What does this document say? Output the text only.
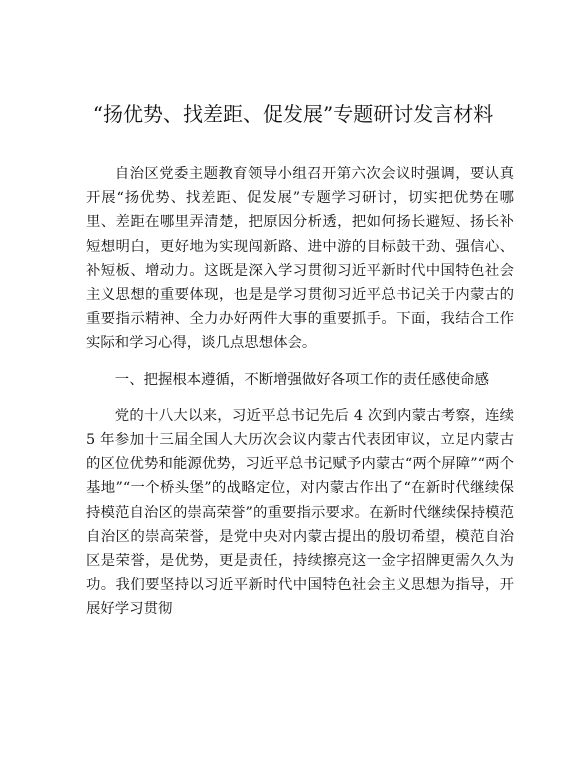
“扬优势、找差距、促发展”专题研讨发言材料

自治区党委主题教育领导小组召开第六次会议时强调，要认真开展“扬优势、找差距、促发展”专题学习研讨，切实把优势在哪里、差距在哪里弄清楚，把原因分析透，把如何扬长避短、扬长补短想明白，更好地为实现闯新路、进中游的目标鼓干劲、强信心、补短板、增动力。这既是深入学习贯彻习近平新时代中国特色社会主义思想的重要体现，也是是学习贯彻习近平总书记关于内蒙古的重要指示精神、全力办好两件大事的重要抓手。下面，我结合工作实际和学习心得，谈几点思想体会。

一、把握根本遵循，不断增强做好各项工作的责任感使命感

党的十八大以来，习近平总书记先后 4 次到内蒙古考察，连续 5 年参加十三届全国人大历次会议内蒙古代表团审议，立足内蒙古的区位优势和能源优势，习近平总书记赋予内蒙古“两个屏障”“两个基地”“一个桥头堡”的战略定位，对内蒙古作出了“在新时代继续保持模范自治区的崇高荣誉”的重要指示要求。在新时代继续保持模范自治区的崇高荣誉，是党中央对内蒙古提出的殷切希望，模范自治区是荣誉，是优势，更是责任，持续擦亮这一金字招牌更需久久为功。我们要坚持以习近平新时代中国特色社会主义思想为指导，开展好学习贯彻
